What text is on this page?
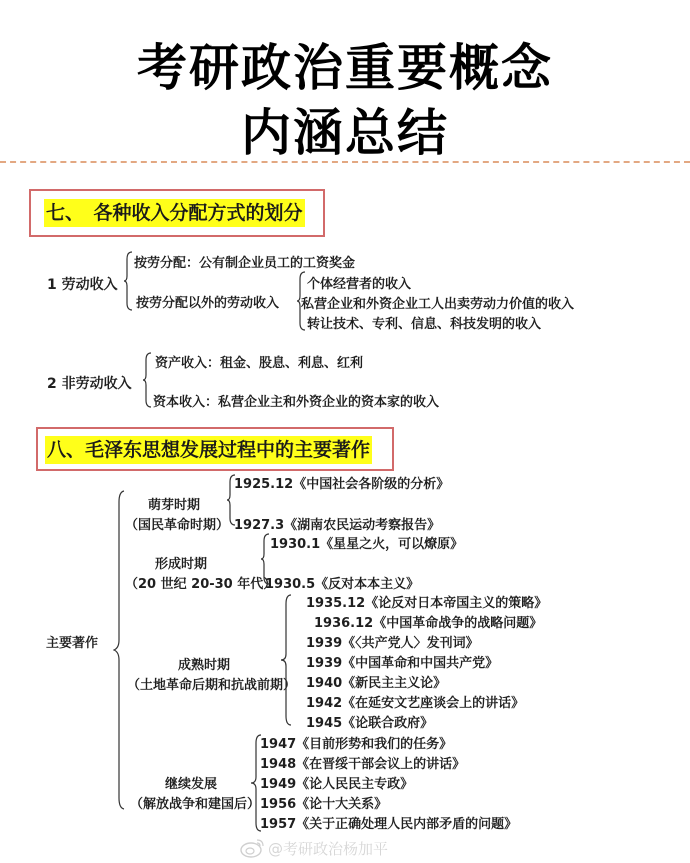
考研政治重要概念
内涵总结
七、　各种收入分配方式的划分
1 劳动收入
按劳分配：公有制企业员工的工资奖金
按劳分配以外的劳动收入
个体经营者的收入
私营企业和外资企业工人出卖劳动力价值的收入
转让技术、专利、信息、科技发明的收入
2 非劳动收入
资产收入：租金、股息、利息、红利
资本收入：私营企业主和外资企业的资本家的收入
八、毛泽东思想发展过程中的主要著作
主要著作
萌芽时期
（国民革命时期）
1925.12《中国社会各阶级的分析》
1927.3《湖南农民运动考察报告》
形成时期
（20 世纪 20-30 年代）
1930.1《星星之火，可以燎原》
1930.5《反对本本主义》
成熟时期
（土地革命后期和抗战前期）
1935.12《论反对日本帝国主义的策略》
1936.12《中国革命战争的战略问题》
1939《〈共产党人〉发刊词》
1939《中国革命和中国共产党》
1940《新民主主义论》
1942《在延安文艺座谈会上的讲话》
1945《论联合政府》
继续发展
（解放战争和建国后）
1947《目前形势和我们的任务》
1948《在晋绥干部会议上的讲话》
1949《论人民民主专政》
1956《论十大关系》
1957《关于正确处理人民内部矛盾的问题》
@考研政治杨加平
